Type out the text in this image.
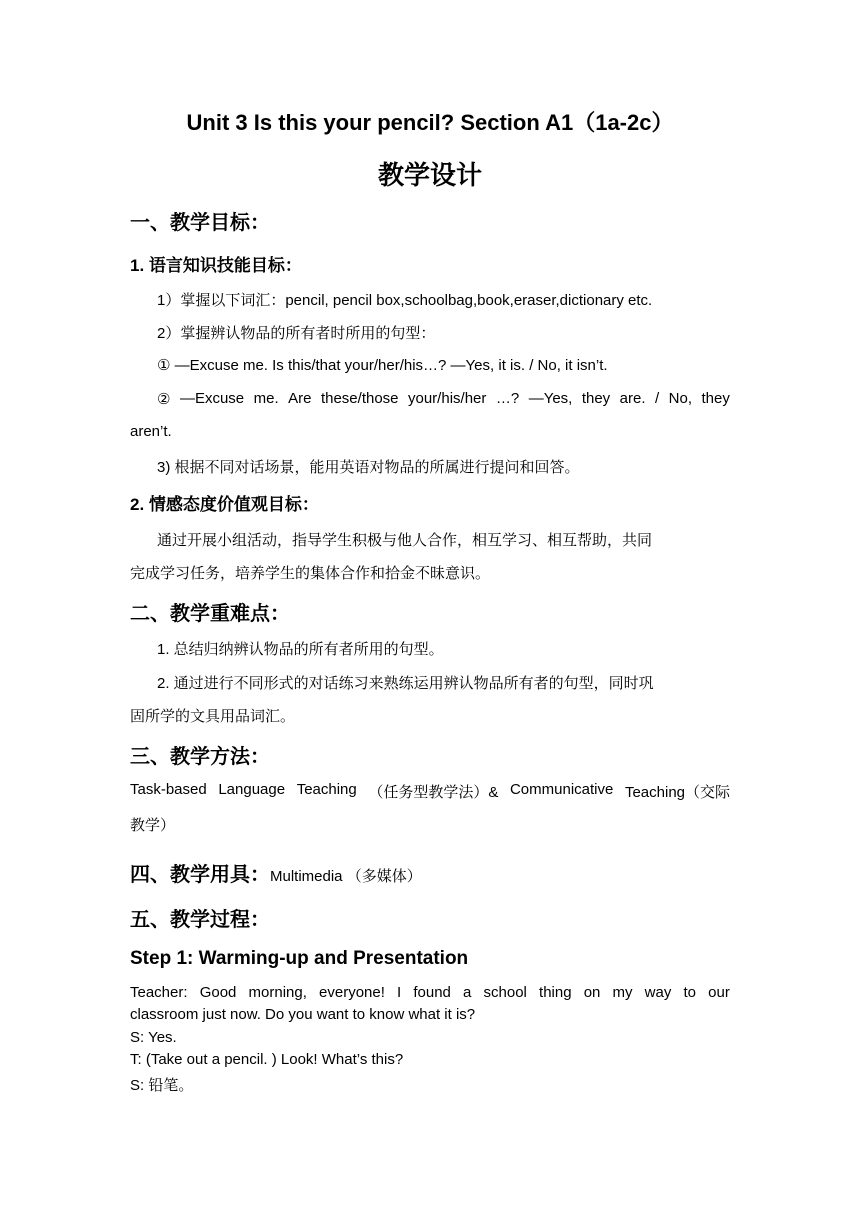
Unit 3 Is this your pencil? Section A1（1a-2c）
教学设计
一、教学目标：
1. 语言知识技能目标：
1）掌握以下词汇：pencil, pencil box,schoolbag,book,eraser,dictionary etc.
2）掌握辨认物品的所有者时所用的句型：
① —Excuse me. Is this/that your/her/his…? —Yes, it is. / No, it isn’t.
② —Excuse me. Are these/those your/his/her …? —Yes, they are. / No, they
aren’t.
3) 根据不同对话场景，能用英语对物品的所属进行提问和回答。
2. 情感态度价值观目标：
通过开展小组活动，指导学生积极与他人合作，相互学习、相互帮助，共同
完成学习任务，培养学生的集体合作和拾金不昧意识。
二、教学重难点：
1. 总结归纳辨认物品的所有者所用的句型。
2. 通过进行不同形式的对话练习来熟练运用辨认物品所有者的句型，同时巩
固所学的文具用品词汇。
三、教学方法：
Task-based Language Teaching （任务型教学法）& Communicative Teaching（交际
教学）
四、教学用具：Multimedia （多媒体）
五、教学过程：
Step 1: Warming-up and Presentation
Teacher: Good morning, everyone! I found a school thing on my way to our
classroom just now. Do you want to know what it is?
S: Yes.
T: (Take out a pencil. ) Look! What’s this?
S: 铅笔。
